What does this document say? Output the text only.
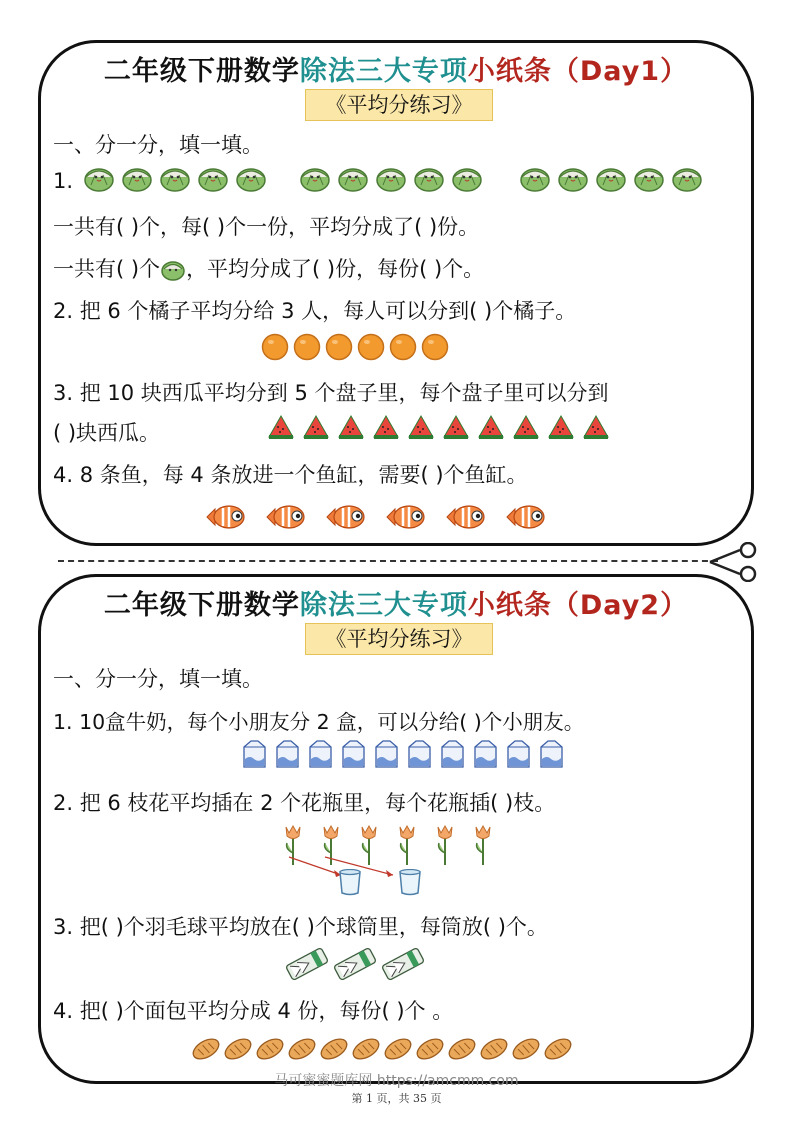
二年级下册数学除法三大专项小纸条（Day1）
《平均分练习》
一、分一分，填一填。
1.
一共有( )个，每( )个一份，平均分成了( )份。
一共有( )个 ，平均分成了( )份，每份( )个。
2. 把 6 个橘子平均分给 3 人，每人可以分到( )个橘子。
3. 把 10 块西瓜平均分到 5 个盘子里，每个盘子里可以分到
( )块西瓜。
4. 8 条鱼，每 4 条放进一个鱼缸，需要( )个鱼缸。
二年级下册数学除法三大专项小纸条（Day2）
《平均分练习》
一、分一分，填一填。
1. 10盒牛奶，每个小朋友分 2 盒，可以分给( )个小朋友。
2. 把 6 枝花平均插在 2 个花瓶里，每个花瓶插( )枝。
3. 把( )个羽毛球平均放在( )个球筒里，每筒放( )个。
4. 把( )个面包平均分成 4 份，每份( )个 。
马可蜜蜜题库网 https://amcmm.com
第 1 页，共 35 页
